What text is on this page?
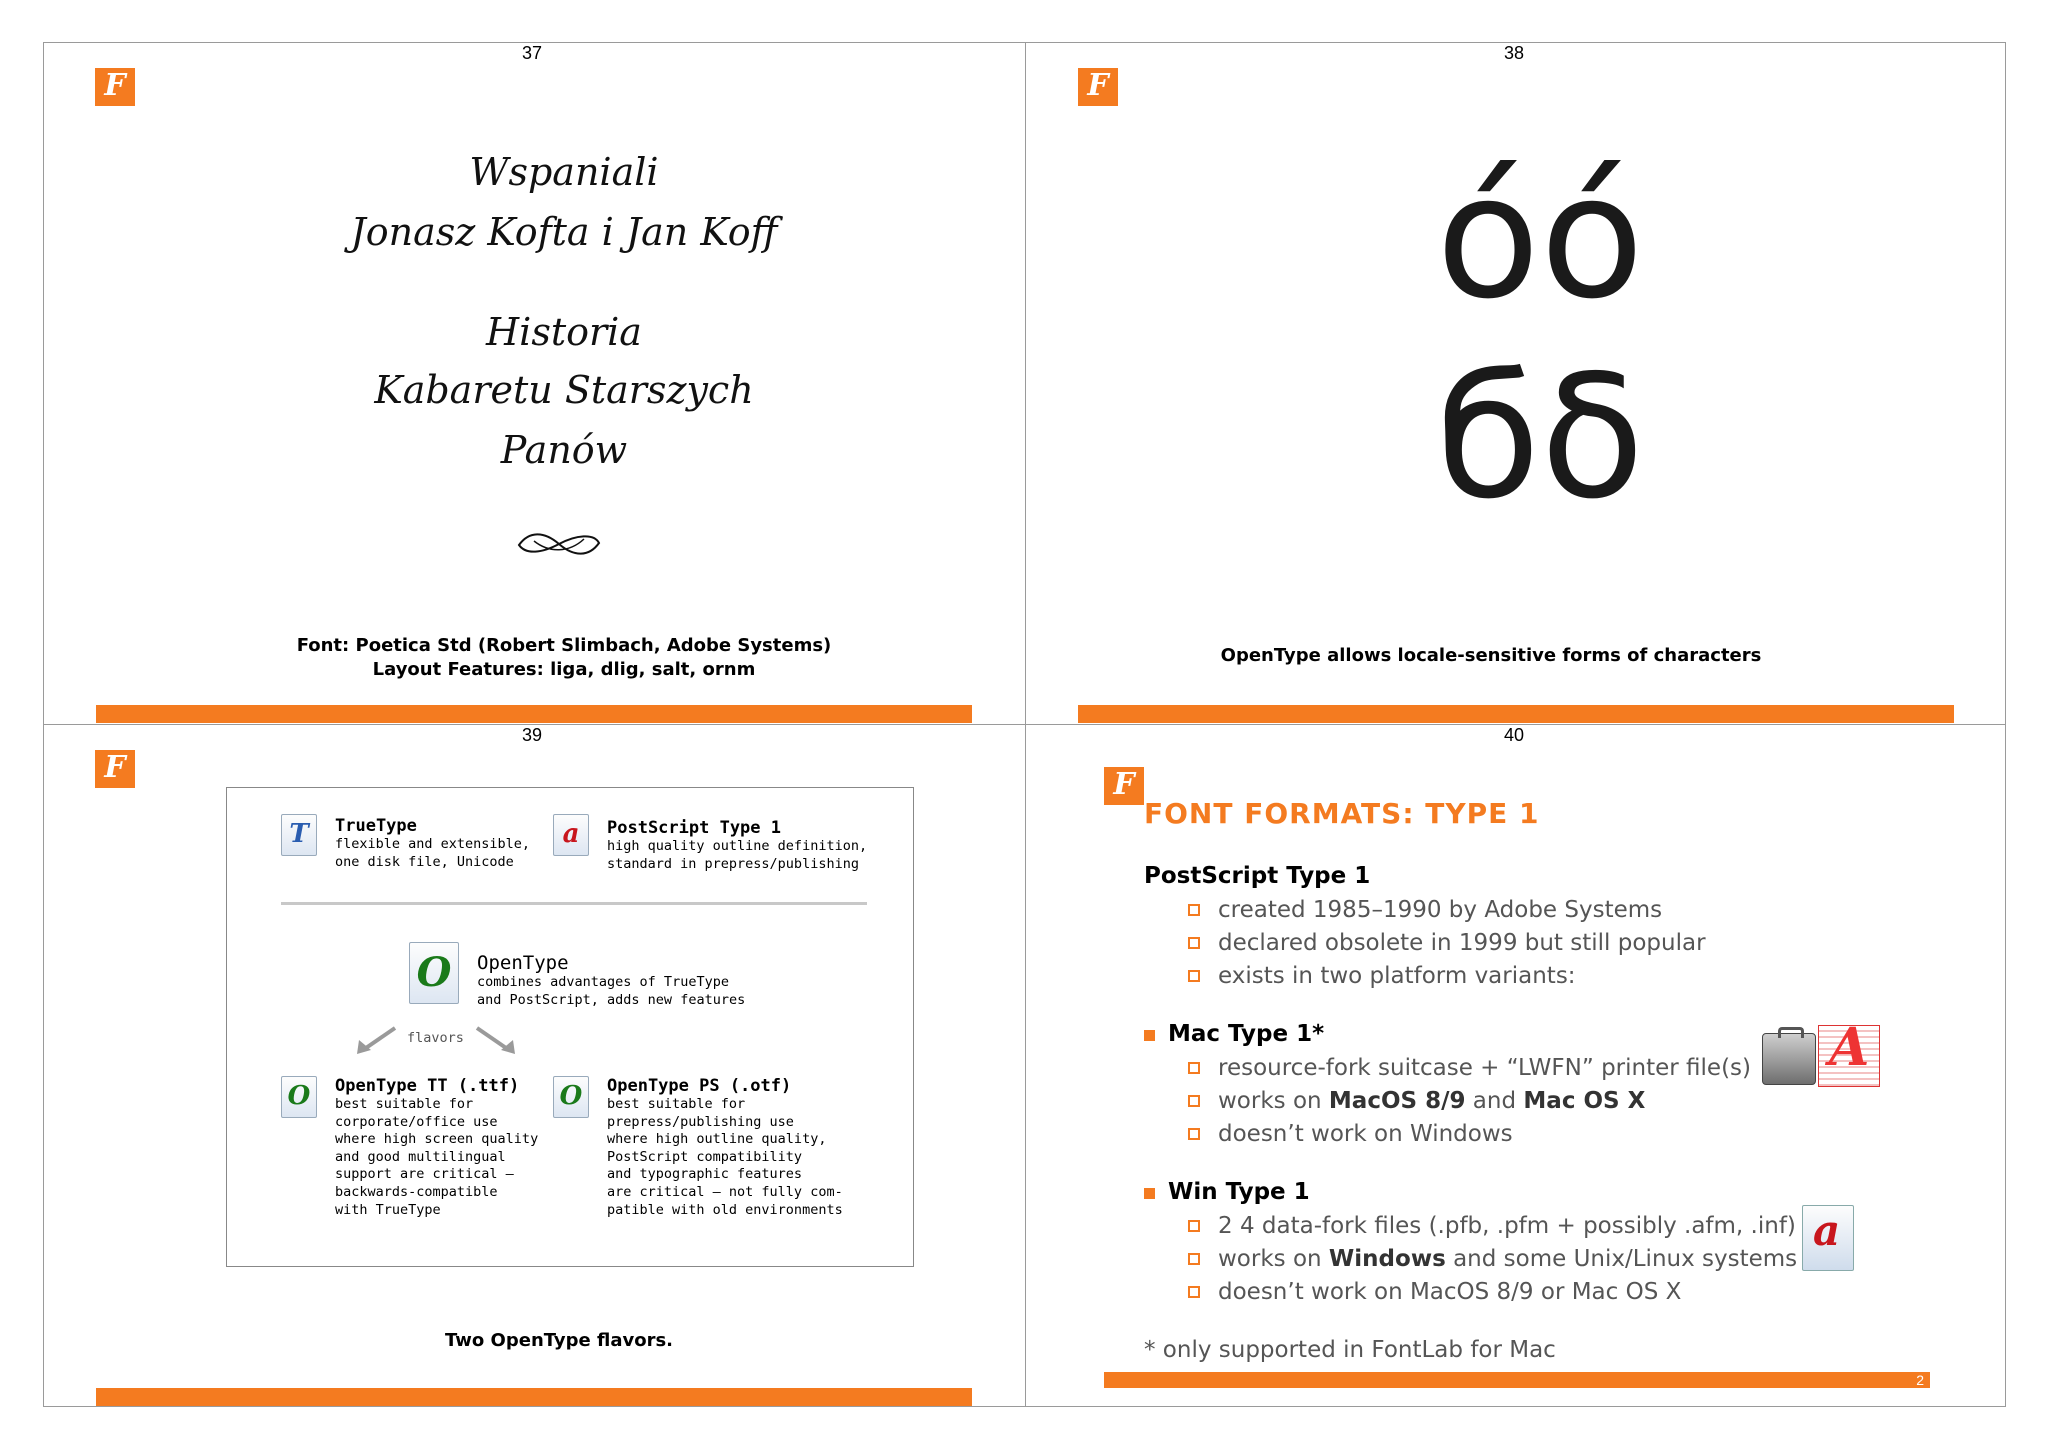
37
F
Wspaniali
Jonasz Kofta i Jan Koff
Historia
Kabaretu Starszych
Panów
Font: Poetica Std (Robert Slimbach, Adobe Systems)
Layout Features: liga, dlig, salt, ornm
38
F
όό
бδ
OpenType allows locale-sensitive forms of characters
39
F
T	TrueType
flexible and extensible,
one disk file, Unicode
a	PostScript Type 1
high quality outline definition,
standard in prepress/publishing
O	OpenType
combines advantages of TrueType
and PostScript, adds new features
flavors
O	OpenType TT (.ttf)
best suitable for
corporate/office use
where high screen quality
and good multilingual
support are critical —
backwards-compatible
with TrueType
O	OpenType PS (.otf)
best suitable for
prepress/publishing use
where high outline quality,
PostScript compatibility
and typographic features
are critical — not fully com-
patible with old environments
Two OpenType flavors.
40
F
FONT FORMATS: TYPE 1
PostScript Type 1
created 1985–1990 by Adobe Systems
declared obsolete in 1999 but still popular
exists in two platform variants:
Mac Type 1*
resource-fork suitcase + “LWFN” printer file(s)
works on MacOS 8/9 and Mac OS X
doesn’t work on Windows
A
Win Type 1
2 4 data-fork files (.pfb, .pfm + possibly .afm, .inf)
works on Windows and some Unix/Linux systems
doesn’t work on MacOS 8/9 or Mac OS X
a
* only supported in FontLab for Mac
2
